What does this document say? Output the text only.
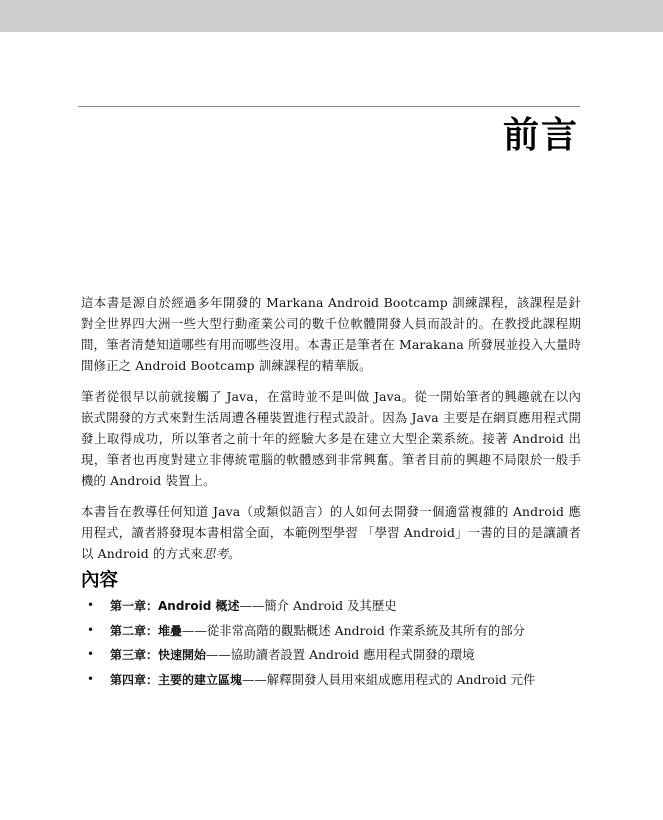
前言

這本書是源自於經過多年開發的 Markana Android Bootcamp 訓練課程，該課程是針對全世界四大洲一些大型行動產業公司的數千位軟體開發人員而設計的。在教授此課程期間，筆者清楚知道哪些有用而哪些沒用。本書正是筆者在 Marakana 所發展並投入大量時間修正之 Android Bootcamp 訓練課程的精華版。

筆者從很早以前就接觸了 Java，在當時並不是叫做 Java。從一開始筆者的興趣就在以內嵌式開發的方式來對生活周遭各種裝置進行程式設計。因為 Java 主要是在網頁應用程式開發上取得成功，所以筆者之前十年的經驗大多是在建立大型企業系統。接著 Android 出現，筆者也再度對建立非傳統電腦的軟體感到非常興奮。筆者目前的興趣不局限於一般手機的 Android 裝置上。

本書旨在教導任何知道 Java（或類似語言）的人如何去開發一個適當複雜的 Android 應用程式，讀者將發現本書相當全面，本範例型學習 「學習 Android」一書的目的是讓讀者以 Android 的方式來思考。

內容
• 第一章：Android 概述——簡介 Android 及其歷史
• 第二章：堆疊——從非常高階的觀點概述 Android 作業系統及其所有的部分
• 第三章：快速開始——協助讀者設置 Android 應用程式開發的環境
• 第四章：主要的建立區塊——解釋開發人員用來組成應用程式的 Android 元件
